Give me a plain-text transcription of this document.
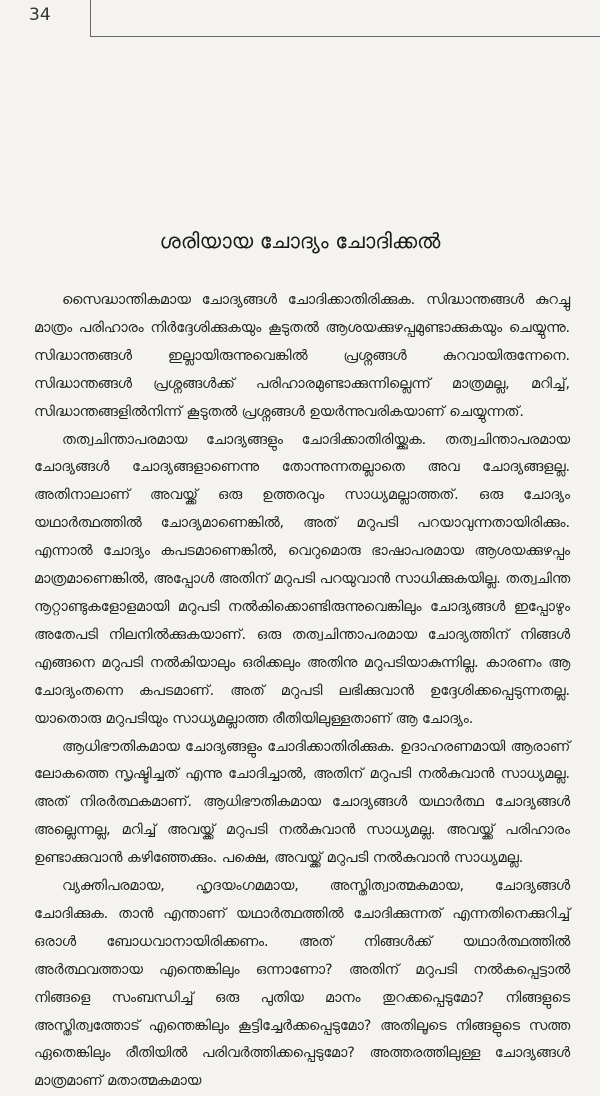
34
ശരിയായ ചോദ്യം ചോദിക്കൽ

സൈദ്ധാന്തികമായ ചോദ്യങ്ങൾ ചോദിക്കാതിരിക്കുക. സിദ്ധാന്തങ്ങൾ കുറച്ചു മാത്രം പരിഹാരം നിർദ്ദേശിക്കുകയും കൂടുതൽ ആശയക്കുഴപ്പമുണ്ടാക്കുകയും ചെയ്യുന്നു. സിദ്ധാന്തങ്ങൾ ഇല്ലായിരുന്നുവെങ്കിൽ പ്രശ്നങ്ങൾ കുറവായിരുന്നേനെ. സിദ്ധാന്തങ്ങൾ പ്രശ്നങ്ങൾക്ക് പരിഹാരമുണ്ടാക്കുന്നില്ലെന്ന് മാത്രമല്ല, മറിച്ച്, സിദ്ധാന്തങ്ങളിൽനിന്ന് കൂടുതൽ പ്രശ്നങ്ങൾ ഉയർന്നുവരികയാണ് ചെയ്യുന്നത്.

തത്വചിന്താപരമായ ചോദ്യങ്ങളും ചോദിക്കാതിരിയ്ക്കുക. തത്വചിന്താപരമായ ചോദ്യങ്ങൾ ചോദ്യങ്ങളാണെന്നു തോന്നുന്നതല്ലാതെ അവ ചോദ്യങ്ങളല്ല. അതിനാലാണ് അവയ്ക്ക് ഒരു ഉത്തരവും സാധ്യമല്ലാത്തത്. ഒരു ചോദ്യം യഥാർത്ഥത്തിൽ ചോദ്യമാണെങ്കിൽ, അത് മറുപടി പറയാവുന്നതായിരിക്കും. എന്നാൽ ചോദ്യം കപടമാണെങ്കിൽ, വെറുമൊരു ഭാഷാപരമായ ആശയക്കുഴപ്പം മാത്രമാണെങ്കിൽ, അപ്പോൾ അതിന് മറുപടി പറയുവാൻ സാധിക്കുകയില്ല. തത്വചിന്ത നൂറ്റാണ്ടുകളോളമായി മറുപടി നൽകിക്കൊണ്ടിരുന്നുവെങ്കിലും ചോദ്യങ്ങൾ ഇപ്പോഴും അതേപടി നിലനിൽക്കുകയാണ്. ഒരു തത്വചിന്താപരമായ ചോദ്യത്തിന് നിങ്ങൾ എങ്ങനെ മറുപടി നൽകിയാലും ഒരിക്കലും അതിനു മറുപടിയാകുന്നില്ല. കാരണം ആ ചോദ്യംതന്നെ കപടമാണ്. അത് മറുപടി ലഭിക്കുവാൻ ഉദ്ദേശിക്കപ്പെടുന്നതല്ല. യാതൊരു മറുപടിയും സാധ്യമല്ലാത്ത രീതിയിലുള്ളതാണ് ആ ചോദ്യം.

ആധിഭൗതികമായ ചോദ്യങ്ങളും ചോദിക്കാതിരിക്കുക. ഉദാഹരണമായി ആരാണ് ലോകത്തെ സൃഷ്ടിച്ചത് എന്നു ചോദിച്ചാൽ, അതിന് മറുപടി നൽകുവാൻ സാധ്യമല്ല. അത് നിരർത്ഥകമാണ്. ആധിഭൗതികമായ ചോദ്യങ്ങൾ യഥാർത്ഥ ചോദ്യങ്ങൾ അല്ലെന്നല്ല, മറിച്ച് അവയ്ക്ക് മറുപടി നൽകുവാൻ സാധ്യമല്ല. അവയ്ക്ക് പരിഹാരം ഉണ്ടാക്കുവാൻ കഴിഞ്ഞേക്കും. പക്ഷെ, അവയ്ക്ക് മറുപടി നൽകുവാൻ സാധ്യമല്ല.

വ്യക്തിപരമായ, ഹൃദയംഗമമായ, അസ്തിത്വാത്മകമായ, ചോദ്യങ്ങൾ ചോദിക്കുക. താൻ എന്താണ് യഥാർത്ഥത്തിൽ ചോദിക്കുന്നത് എന്നതിനെക്കുറിച്ച് ഒരാൾ ബോധവാനായിരിക്കണം. അത് നിങ്ങൾക്ക് യഥാർത്ഥത്തിൽ അർത്ഥവത്തായ എന്തെങ്കിലും ഒന്നാണോ? അതിന് മറുപടി നൽകപ്പെട്ടാൽ നിങ്ങളെ സംബന്ധിച്ച് ഒരു പുതിയ മാനം തുറക്കപ്പെടുമോ? നിങ്ങളുടെ അസ്തിത്വത്തോട് എന്തെങ്കിലും കൂട്ടിച്ചേർക്കപ്പെടുമോ? അതിലൂടെ നിങ്ങളുടെ സത്ത ഏതെങ്കിലും രീതിയിൽ പരിവർത്തിക്കപ്പെടുമോ? അത്തരത്തിലുള്ള ചോദ്യങ്ങൾ മാത്രമാണ് മതാത്മകമായ
